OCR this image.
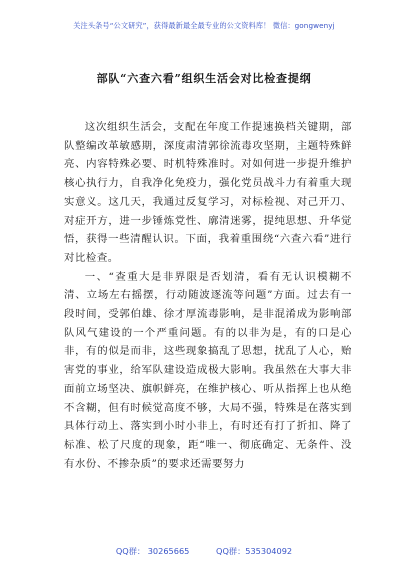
关注头条号“公文研究”，获得最新最全最专业的公文资料库！ 微信：gongwenyj
部队“六查六看”组织生活会对比检查提纲

这次组织生活会，支配在年度工作提速换档关键期，部队整编改革敏感期，深度肃清郭徐流毒攻坚期，主题特殊鲜亮、内容特殊必要、时机特殊准时。对如何进一步提升维护核心执行力，自我净化免疫力，强化党员战斗力有着重大现实意义。这几天，我通过反复学习，对标检视、对己开刀、对症开方，进一步锤炼党性、廓清迷雾，提纯思想、升华觉悟，获得一些清醒认识。下面，我着重围绕“六查六看”进行对比检查。

一、“查重大是非界限是否划清，看有无认识模糊不清、立场左右摇摆，行动随波逐流等问题”方面。过去有一段时间，受郭伯雄、徐才厚流毒影响，是非混淆成为影响部队风气建设的一个严重问题。有的以非为是，有的口是心非，有的似是而非，这些现象搞乱了思想，扰乱了人心，贻害党的事业，给军队建设造成极大影响。我虽然在大事大非面前立场坚决、旗帜鲜亮，在维护核心、听从指挥上也从绝不含糊，但有时候觉高度不够，大局不强，特殊是在落实到具体行动上、落实到小时小非上，有时还有打了折扣、降了标准、松了尺度的现象，距“唯一、彻底确定、无条件、没有水份、不掺杂质”的要求还需要努力

QQ群： 30265665	QQ群：535304092
